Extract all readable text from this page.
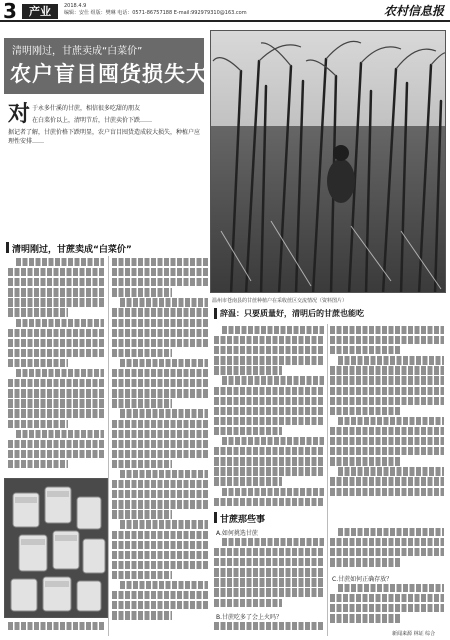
3	产业	2018.4.9
编辑：安仕 组版：樊琳 电话：0571-86757188 E-mail:992979310@163.com	农村信息报
清明刚过，甘蔗卖成“白菜价”
农户盲目囤货损失大
温州市苍南县的甘蔗种植户在采收蔗区交流情况（资料图片）
对 于永多什溪的甘蔗，相信很多吃甜的朋友

在白菜价以上，清明节后，甘蔗卖价下跌……

据记者了解，甘蔗价格下跌明显，农户盲目囤货造成较大损失，种植户应理性安排……

清明刚过，甘蔗卖成“白菜价”
辞温：只要质量好，清明后的甘蔗也能吃
甘蔗那些事
A.如何挑选甘蔗
B.甘蔗吃多了会上火吗？
C.甘蔗如何正确存放？
新闻来源 林证 综合
